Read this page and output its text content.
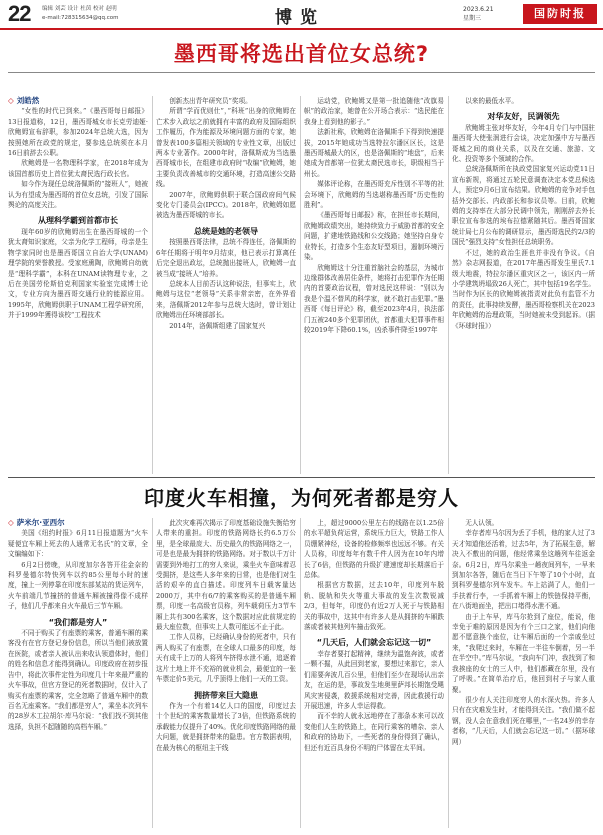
22 编辑 刘芸 设计 杜茵 校对 赵明
e-mail:728315634@qq.com	博览	2023.6.21
星期三	国防时报
墨西哥将选出首位女总统?

◇ 刘皓然

“女性的时代已到来。”《墨西哥每日邮报》13日报道称，12日，墨西哥城女市长克劳迪娅·欣鲍姆宣布辞职，参加2024年总统大选，因为按照她所在政党的规定，要参选总统须在本月16日前辞去公职。

欣鲍姆是一名物理科学家，在2018年成为该国首都历史上首位犹太裔民选行政长官。

如今作为现任总统洛佩斯的“接班人”，她被认为有望成为墨西哥的首位女总统，引发了国际舆论的高度关注。

从理科学霸到首都市长

现年60岁的欣鲍姆出生在墨西哥城的一个犹太裔知识家庭，父亲为化学工程师，母亲是生物学家同时也是墨西哥国立自治大学(UNAM)理学院的荣誉教授。受家庭熏陶，欣鲍姆自幼就是“理科学霸”，本科在UNAM读物理专业，之后在美国劳伦斯伯克利国家实验室完成博士论文，专业方向为墨西哥交通行业的能源应用。1995年，欣鲍姆供职于UNAM工程学研究所，并于1999年獲得该校“工程技术

创新杰出青年研究员”奖项。

所谓“学而优则仕”，”科班”出身的欣鲍姆在亡术步入政坛之前就拥有丰富的政府及国际组织工作履历，作为能源及环境问题方面的专家，她曾发表100多篇相关领域的专业性文章，出版过两本专业著作。2000年时，洛佩斯成为当选墨西哥城市长，在组建市政府时“收编”欣鲍姆，她主要负责改善城市的交通环境，打造高速公交路线。

2007年，欣鲍姆供职于联合国政府间气候变化专门委员会(IPCC)。2018年，欣鲍姆如愿被选为墨西哥城的市长。

总统是她的老领导

按照墨西哥法律，总统不得连任，洛佩斯的6年任期将于明年9月结束，他已表示打算离任后完全退出政坛，总统抛出接班人，欣鲍姆一直被当成“接班人”培养。

总统本人目前否认这种说法，但事实上，欣鲍姆与这位“老领导”关系非常亲密，在外界看来，洛佩斯2012年参与总统大选时，曾计划让欣鲍姆出任环境部部长。

2014年，洛佩斯组建了国家复兴

运动党，欣鲍姆又是第一批追随他“改旗易帜”的政治家，她曾在公开场合表示：“选民能在我身上看到他的影子。”

法新社称，欣鲍姆在洛佩斯手下得到快速提拔，2015年她成功当选特拉尔潘区区长，这是墨西哥城最大的区，也是洛佩斯的“地盘”，后来她成为首都第一位犹太裔民选市长，职级相当于州长。

媒体评论称，在墨西哥充斥性别不平等的社会环境下，欣鲍姆的当选堪称墨西哥“历史性的胜利”。

《墨西哥每日邮报》称，在担任市长期间，欣鲍姆政绩突出，她持续致力于威胁首都的安全问题，扩建地铁路线和公交线路；她坚持自身专业特长，打造多个生态友好型项目，遏制环境污染。

欣鲍姆这十分注重首脑社会的基层，为城市边缘群体改善居住条件，她将打击犯罪作为任期内的首要政治议程，曾对选民这样说：“别以为我是个温不替风的科学家，就不敢打击犯罪。”墨西哥《每日评论》称，截至2023年4月，执法部门五被240多个犯罪团伙，首都重大犯罪事件相较2019年下降60.1%，凶杀事件降至1997年

以来的最低水平。

对华友好，民调领先

欣鲍姆主张对华友好，今年4月专门与中国驻墨西哥大使张润进行会谈，决定加强中方与墨西哥城之间的商业关系，以及在交通、旅游、文化、投资等多个领域的合作。

总统洛佩斯所在执政党国家复兴运动党11日宣布新规，将通过五轮民意调查决定本党总候选人，预定9月6日宣布结果。欣鲍姆的竞争对手包括外交部长、内政部长和参议员等。目前，欣鲍姆的支持率在大部分民调中领先，刚刚辞去外长职位宣布参选的埃布拉德紧随其后。墨西哥国家统计局七月公布的调研显示，墨西哥选民约2/3的国民”强烈支持“女性担任总统职务。

不过，她的政治生涯也并非没有争议。《自然》杂志网报道，在2017年墨西哥发生里氏7.1级大地震，特拉尔潘区重灾区之一，该区内一所小学建筑坍塌致26人死亡，其中包括19名学生。当时作为区长的欣鲍姆被指责对此负有监管不力的责任，此事持续发酵，墨西哥检察机关在2023年欣鲍姆的治理政策，当时她被未受到起诉。（据《环球时报》）

印度火车相撞，为何死者都是穷人

◇ 萨米尔·亚西尔

美国《纽约时报》6月11日报道题为“火车疑便宜车厢上死去的人通常无名氏”的文章，全文编编如下：

6月2日傍晚，从印度加尔各答开往金奈的科罗曼德尔特快列车以约85公里每小时的速度，撞上一列停靠在印度东部某站的货运列车，火车前端几节撞挤的普通车厢被撞得像不成样子，他们几乎都来自火车最后三节车厢。

“我们都是穷人”

不同于购买了有座票的乘客，普通车厢的乘客没有在官方登记身份信息，所以当他们被放置在医院，或者亲人被认出来收认领遗体时，他们的姓名和信息才能得到确认。印度政府在初步报告中，将此次事件定性为印度几十年来最严重的火车事故，但官方登记的死者数据时，仅计入了购买有座票的乘客，完全忽略了普通车厢中的数百名无座乘客。“我们都是穷人”，乘坐本次列车的28岁木工拉胡尔·库马尔说：“我们找不到其他选择，负担不起随随的高档车厢。”

此次灾难再次揭示了印度基础设施失衡给穷人带来的重担。印度的铁路网络长约6.5万公里，是全球最庞大、历史最久的铁路网络之一，可是也是最为拥挤的铁路网络。对于数以千万计需要到外地打工的穷人来说，乘坐火车意味着忍受拥挤，是这些人多年来的日常，也是他们对生活的艰辛的直白描述。印度列车日载客量达2000万，其中有6/7的乘客购买的是普通车厢票，印度一名高级官员称，列车载荷压力3节车厢上共有300名乘客，这个数据对应此前规定的最大座位数，但事实上人数可能远不止于此。

工作人员称，已经确认身份的死者中，只有两人购买了有座票，在全球人口最多的印度，每天有成千上万的人将列车挤得水泄不通，追逐着这片土地上并不充裕的就业机会，最便宜的一张车票定价5美元，几乎顶得上他们一天的工资。

拥挤带来巨大隐患

作为一个有着14亿人口的国度，印度过去十个世纪的乘客数量增长了3倍，但铁路系统的承载能力仅提升了40%。优化印度铁路网络的最大问题，就是拥挤带来的隐患。官方数据表明，在最为核心的枢纽主干线

上，超过9000公里左右的线路在以1.25倍的水平超负荷运营，系统压力巨大，铁路工作人员绷紧神经，设备的检修频率也远远不够。有关人员称，印度每年有数千件人因为在10年内增长了6倍，但铁路的升级扩建速度却长期落后于总体。

根据官方数据，过去10年，印度列车脱轨、脱轨和失火等重大事故的发生次数锐减2/3，但每年，印度仍有近2万人死于与铁路相关的事故中，这其中有许多人是从拥挤的车厢跌落或者被其他列车撞击致死。

“几天后，人们就会忘记这一切”

幸存者要打起精神，继续为温饱奔波，或者一颗不掘，从此回到老家，要想过来那它，亲人们需要奔波几百公里，但他们至少在现场认出亲友，在运的是，事故发生地奥里萨邦长期饱受飓风灾害侵袭，救援系统相对完善，因此救援行动开展迅速，许多人幸运得救。

而不幸的人就永远地停在了那条本来可以改变他们人生的铁路上，在同行乘客的嘈杂、亲人和政府的协助下，一些死者的身份得到了确认，但还有近百具身份不明的尸体留在太平间。

无人认领。

幸存者库马尔因为丢了手机，他的家人过了3天才知道他还活着，过去5年，为了拓展生意，解决入不敷出的问题，他经常乘坐这趟列车往返金奈。6月2日，库马尔乘坐一趟夜间列车，一早来到加尔各答，随后在当日下午等了10个小时，直到科罗曼德尔列车发车。车上站满了人，他们一手扶着行李，一手抓着车厢上的铁链保持平衡，在八街地面坐，把出口堵得水泄不通。

由于上车早，库马尔抢到了座位，能说，他幸免于难的原因是因为有个三口之家，他们向他愿不愿意换个座位，让车厢后面的一个亲戚坐过来，“我爬过来时，车厢在一半往车倒着，另一半在半空中。”库马尔说，“我向车门冲，我找到了和我挨座的女士的三人中，他们都藏在尔里，没有了呼吸。”在简单治疗后，他回到村子与家人重聚。

很少有人关注印度穷人的水深火热。许多人只有在灾难发生时，才能得到关注。“我们做不起钢，没人会在意我们死在哪里，”一名24岁的幸存者称，“几天后，人们就会忘记这一切。”（据环球网）
